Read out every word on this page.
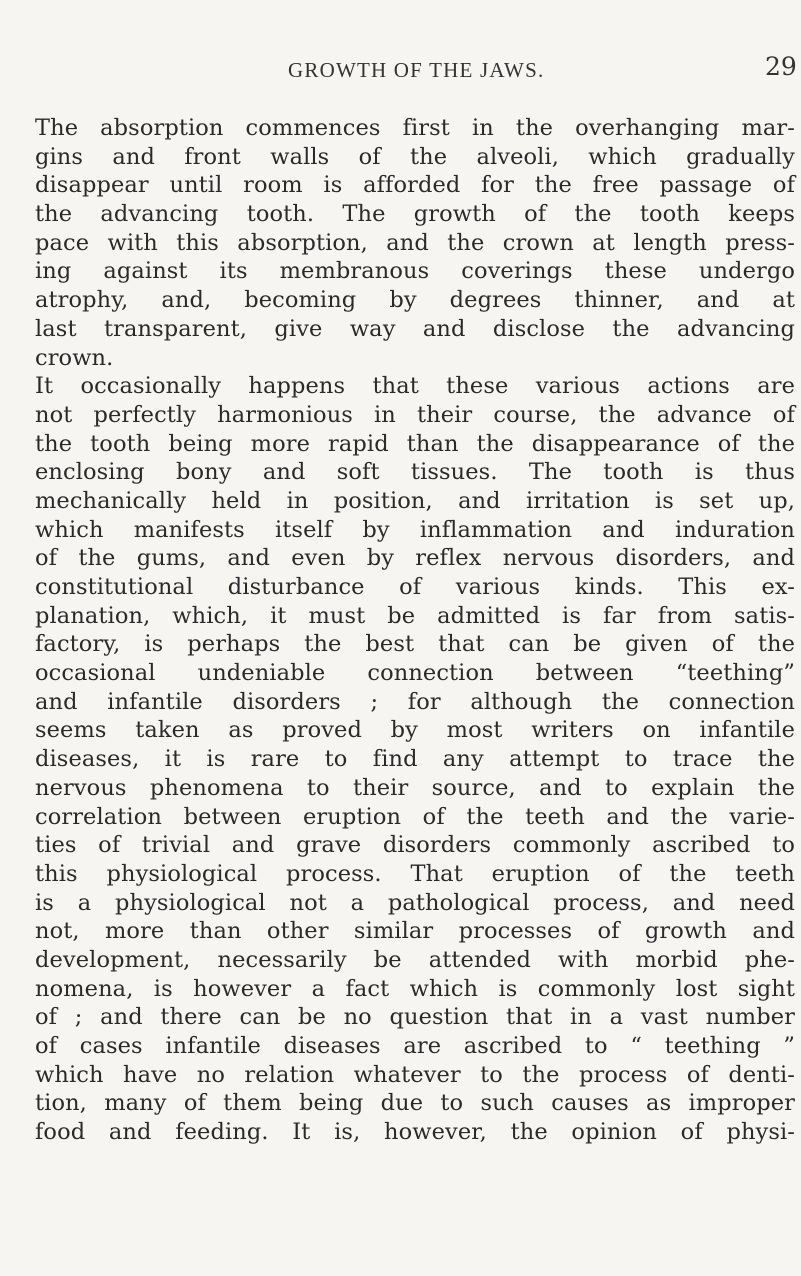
GROWTH OF THE JAWS.	29
The absorption commences first in the overhanging mar-
gins and front walls of the alveoli, which gradually
disappear until room is afforded for the free passage of
the advancing tooth. The growth of the tooth keeps
pace with this absorption, and the crown at length press-
ing against its membranous coverings these undergo
atrophy, and, becoming by degrees thinner, and at
last transparent, give way and disclose the advancing
crown.
It occasionally happens that these various actions are
not perfectly harmonious in their course, the advance of
the tooth being more rapid than the disappearance of the
enclosing bony and soft tissues. The tooth is thus
mechanically held in position, and irritation is set up,
which manifests itself by inflammation and induration
of the gums, and even by reflex nervous disorders, and
constitutional disturbance of various kinds. This ex-
planation, which, it must be admitted is far from satis-
factory, is perhaps the best that can be given of the
occasional undeniable connection between “teething”
and infantile disorders ; for although the connection
seems taken as proved by most writers on infantile
diseases, it is rare to find any attempt to trace the
nervous phenomena to their source, and to explain the
correlation between eruption of the teeth and the varie-
ties of trivial and grave disorders commonly ascribed to
this physiological process. That eruption of the teeth
is a physiological not a pathological process, and need
not, more than other similar processes of growth and
development, necessarily be attended with morbid phe-
nomena, is however a fact which is commonly lost sight
of ; and there can be no question that in a vast number
of cases infantile diseases are ascribed to “ teething ”
which have no relation whatever to the process of denti-
tion, many of them being due to such causes as improper
food and feeding. It is, however, the opinion of physi-
